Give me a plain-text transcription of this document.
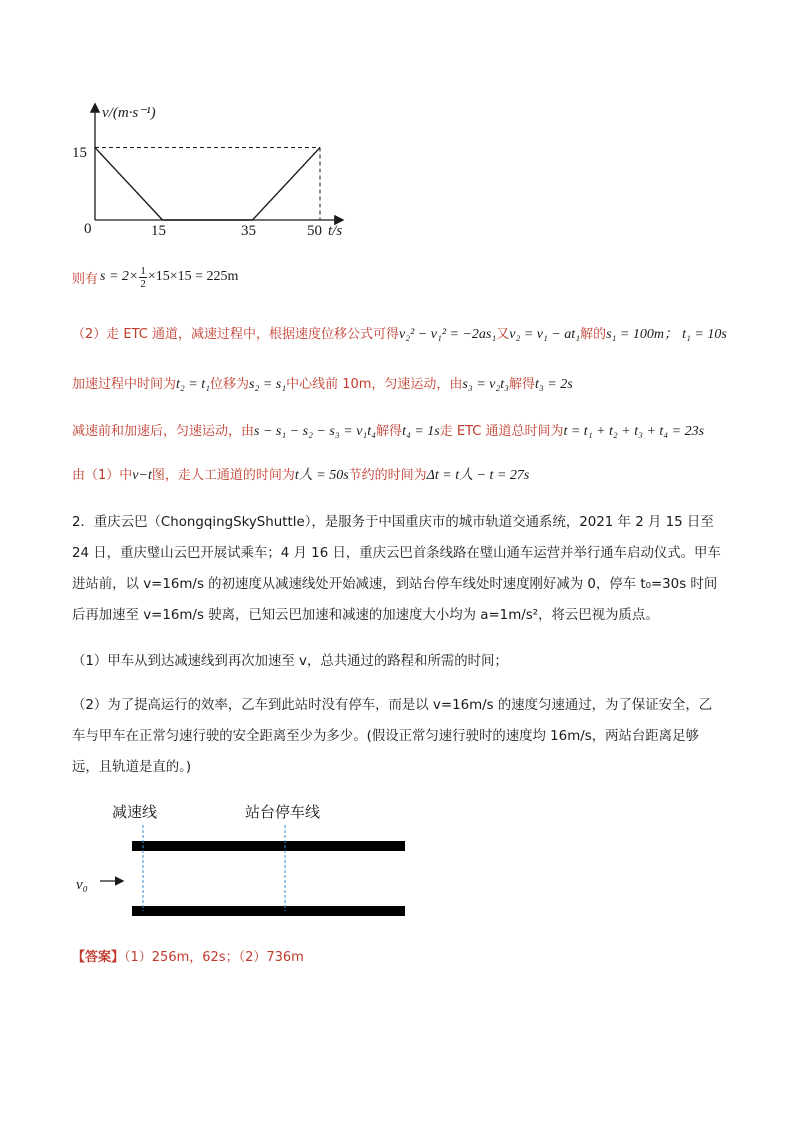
v/(m·s⁻¹)
15
0	15	35	50 t/s
则有 $s = 2\times \frac{1}{2} \times 15\times 15 = 225m$
（2）走 ETC 通道，减速过程中，根据速度位移公式可得v₂² − v₁² = −2as₁又v₂ = v₁ − at₁解的s₁ = 100m； t₁ = 10s
加速过程中时间为t₂ = t₁位移为s₂ = s₁中心线前 10m，匀速运动，由s₃ = v₂t₃解得t₃ = 2s
减速前和加速后，匀速运动，由s − s₁ − s₂ − s₃ = v₁t₄解得t₄ = 1s走 ETC 通道总时间为t = t₁ + t₂ + t₃ + t₄ = 23s
由（1）中v−t图，走人工通道的时间为t人 = 50s节约的时间为Δt = t人 − t = 27s
2．重庆云巴（ChongqingSkyShuttle），是服务于中国重庆市的城市轨道交通系统，2021 年 2 月 15 日至 24 日，重庆璧山云巴开展试乘车；4 月 16 日，重庆云巴首条线路在璧山通车运营并举行通车启动仪式。甲车进站前，以 v=16m/s 的初速度从减速线处开始减速，到站台停车线处时速度刚好减为 0，停车 t₀=30s 时间后再加速至 v=16m/s 驶离，已知云巴加速和减速的加速度大小均为 a=1m/s²，将云巴视为质点。
（1）甲车从到达减速线到再次加速至 v，总共通过的路程和所需的时间；
（2）为了提高运行的效率，乙车到此站时没有停车，而是以 v=16m/s 的速度匀速通过，为了保证安全，乙车与甲车在正常匀速行驶的安全距离至少为多少。(假设正常匀速行驶时的速度均 16m/s，两站台距离足够远，且轨道是直的。)
减速线	站台停车线
v₀
【答案】（1）256m，62s；（2）736m
